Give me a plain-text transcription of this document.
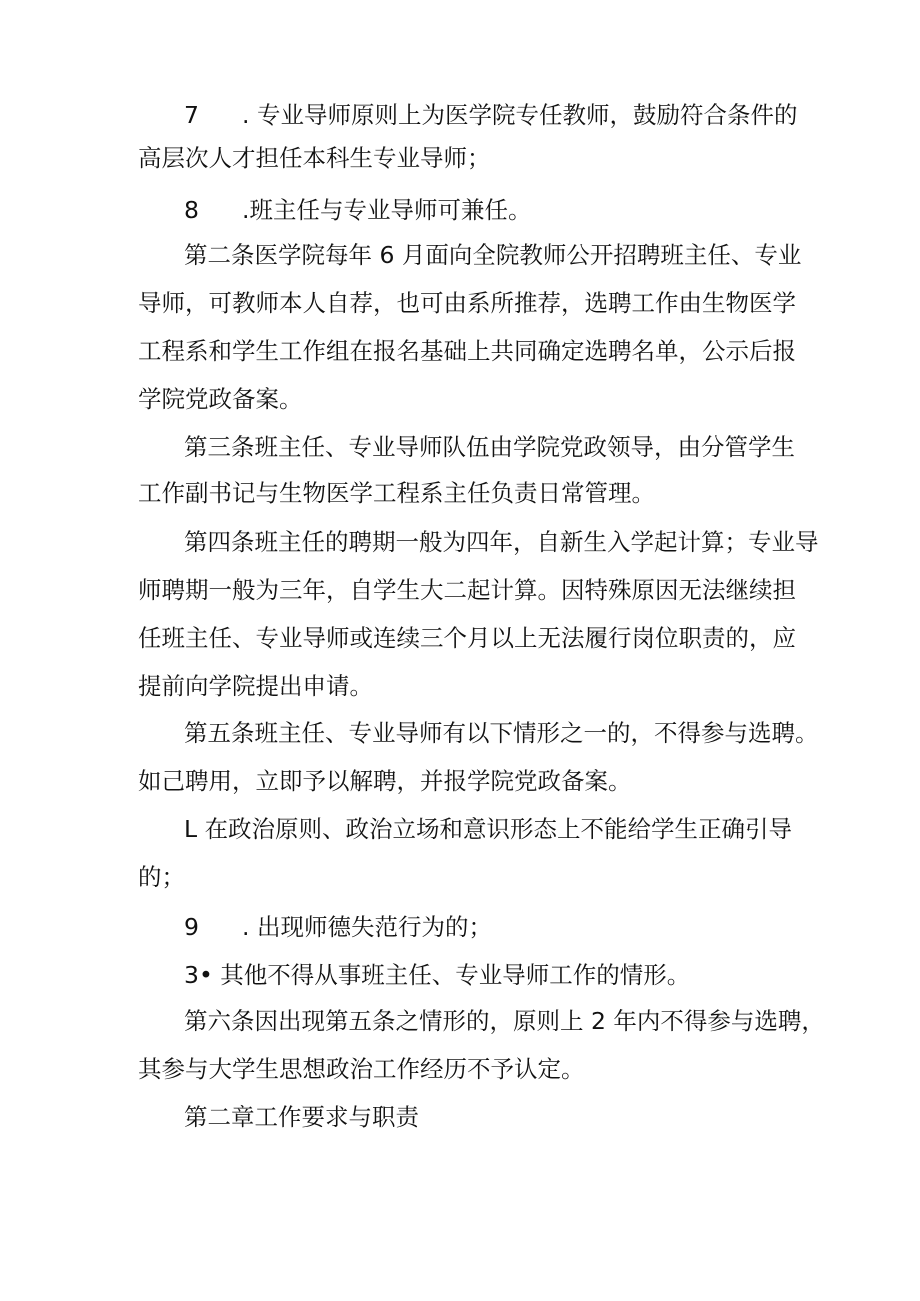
7 . 专业导师原则上为医学院专任教师，鼓励符合条件的
高层次人才担任本科生专业导师；
8 .班主任与专业导师可兼任。
第二条医学院每年 6 月面向全院教师公开招聘班主任、专业
导师，可教师本人自荐，也可由系所推荐，选聘工作由生物医学
工程系和学生工作组在报名基础上共同确定选聘名单，公示后报
学院党政备案。
第三条班主任、专业导师队伍由学院党政领导，由分管学生
工作副书记与生物医学工程系主任负责日常管理。
第四条班主任的聘期一般为四年，自新生入学起计算；专业导
师聘期一般为三年，自学生大二起计算。因特殊原因无法继续担
任班主任、专业导师或连续三个月以上无法履行岗位职责的，应
提前向学院提出申请。
第五条班主任、专业导师有以下情形之一的，不得参与选聘。
如己聘用，立即予以解聘，并报学院党政备案。
L 在政治原则、政治立场和意识形态上不能给学生正确引导
的；
9 . 出现师德失范行为的；
3• 其他不得从事班主任、专业导师工作的情形。
第六条因出现第五条之情形的，原则上 2 年内不得参与选聘，
其参与大学生思想政治工作经历不予认定。
第二章工作要求与职责
